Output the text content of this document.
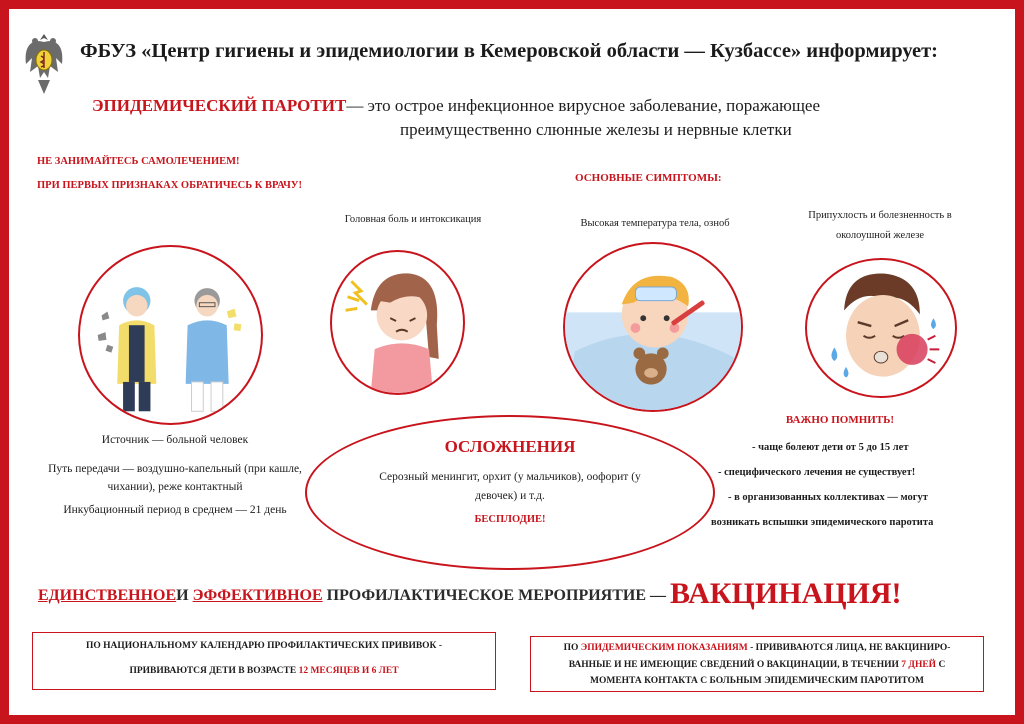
ФБУЗ «Центр гигиены и эпидемиологии в Кемеровской области — Кузбассе» информирует:
ЭПИДЕМИЧЕСКИЙ ПАРОТИТ— это острое инфекционное вирусное заболевание, поражающее
преимущественно слюнные железы и нервные клетки
НЕ ЗАНИМАЙТЕСЬ САМОЛЕЧЕНИЕМ!
ПРИ ПЕРВЫХ ПРИЗНАКАХ ОБРАТИЧЕСЬ К ВРАЧУ!
ОСНОВНЫЕ СИМПТОМЫ:
Головная боль и интоксикация	Высокая температура тела, озноб
Припухлость и болезненность в околоушной железе
Источник — больной человек
Путь передачи — воздушно-капельный (при кашле, чихании), реже контактный
Инкубационный период в среднем — 21 день
ОСЛОЖНЕНИЯ
Серозный менингит, орхит (у мальчиков), оофорит (у девочек) и т.д.
БЕСПЛОДИЕ!
ВАЖНО ПОМНИТЬ!
- чаще болеют дети от 5 до 15 лет
- специфического лечения не существует!
- в организованных коллективах — могут
возникать вспышки эпидемического паротита
ЕДИНСТВЕННОЕИ ЭФФЕКТИВНОЕ ПРОФИЛАКТИЧЕСКОЕ МЕРОПРИЯТИЕ — ВАКЦИНАЦИЯ!
ПО НАЦИОНАЛЬНОМУ КАЛЕНДАРЮ ПРОФИЛАКТИЧЕСКИХ ПРИВИВОК -
ПРИВИВАЮТСЯ ДЕТИ В ВОЗРАСТЕ 12 МЕСЯЦЕВ И 6 ЛЕТ
ПО ЭПИДЕМИЧЕСКИМ ПОКАЗАНИЯМ - ПРИВИВАЮТСЯ ЛИЦА, НЕ ВАКЦИНИРО-
ВАННЫЕ И НЕ ИМЕЮЩИЕ СВЕДЕНИЙ О ВАКЦИНАЦИИ, В ТЕЧЕНИИ 7 ДНЕЙ С
МОМЕНТА КОНТАКТА С БОЛЬНЫМ ЭПИДЕМИЧЕСКИМ ПАРОТИТОМ
